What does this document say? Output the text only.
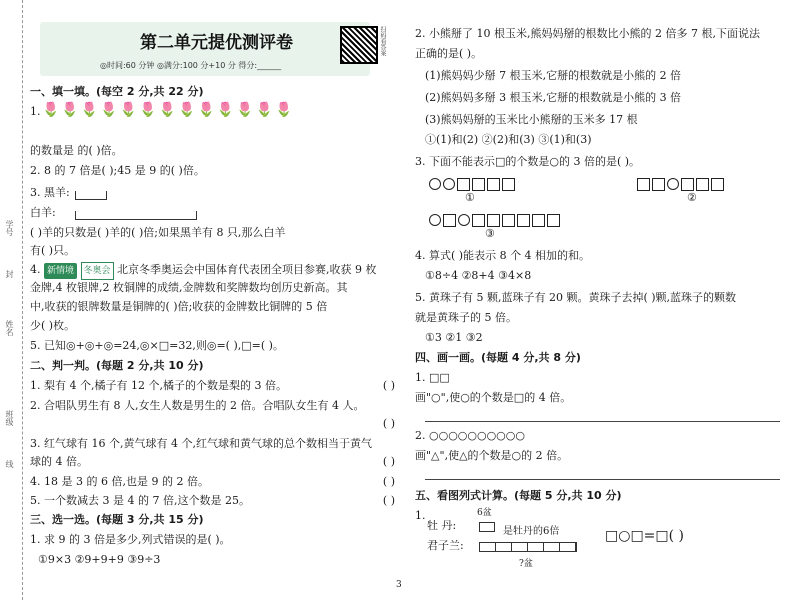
学号
封
姓名
班级
线
第二单元提优测评卷
◎时间:60 分钟 ◎满分:100 分+10 分 得分:______
扫码看答案
一、填一填。(每空 2 分,共 22 分)
1. 🌷🌷🌷🌷🌷🌷🌷🌷🌷🌷🌷🌷🌷
的数量是 的( )倍。
2. 8 的 7 倍是( );45 是 9 的( )倍。
3. 黑羊:
白羊:
( )羊的只数是( )羊的( )倍;如果黑羊有 8 只,那么白羊
有( )只。
4. 新情境 冬奥会 北京冬季奥运会中国体育代表团全项目参赛,收获 9 枚
金牌,4 枚银牌,2 枚铜牌的成绩,金牌数和奖牌数均创历史新高。其
中,收获的银牌数量是铜牌的( )倍;收获的金牌数比铜牌的 5 倍
少( )枚。
5. 已知◎+◎+◎=24,◎×□=32,则◎=( ),□=( )。
二、判一判。(每题 2 分,共 10 分)
1. 梨有 4 个,橘子有 12 个,橘子的个数是梨的 3 倍。	( )
2. 合唱队男生有 8 人,女生人数是男生的 2 倍。合唱队女生有 4 人。
( )
3. 红气球有 16 个,黄气球有 4 个,红气球和黄气球的总个数相当于黄气
球的 4 倍。	( )
4. 18 是 3 的 6 倍,也是 9 的 2 倍。	( )
5. 一个数减去 3 是 4 的 7 倍,这个数是 25。	( )
三、选一选。(每题 3 分,共 15 分)
1. 求 9 的 3 倍是多少,列式错误的是( )。
①9×3 ②9+9+9 ③9÷3
2. 小熊掰了 10 根玉米,熊妈妈掰的根数比小熊的 2 倍多 7 根,下面说法
正确的是( )。
(1)熊妈妈少掰 7 根玉米,它掰的根数就是小熊的 2 倍
(2)熊妈妈多掰 3 根玉米,它掰的根数就是小熊的 3 倍
(3)熊妈妈掰的玉米比小熊掰的玉米多 17 根
①(1)和(2) ②(2)和(3) ③(1)和(3)
3. 下面不能表示□的个数是○的 3 倍的是( )。
①	②
③
4. 算式( )能表示 8 个 4 相加的和。
①8÷4 ②8+4 ③4×8
5. 黄珠子有 5 颗,蓝珠子有 20 颗。黄珠子去掉( )颗,蓝珠子的颗数
就是黄珠子的 5 倍。
①3 ②1 ③2
四、画一画。(每题 4 分,共 8 分)
1. □□
画"○",使○的个数是□的 4 倍。
2. ○○○○○○○○○○
画"△",使△的个数是○的 2 倍。
五、看图列式计算。(每题 5 分,共 10 分)
1.	6盆
牡 丹:	是牡丹的6倍
君子兰:
?盆
□○□=□( )
3
